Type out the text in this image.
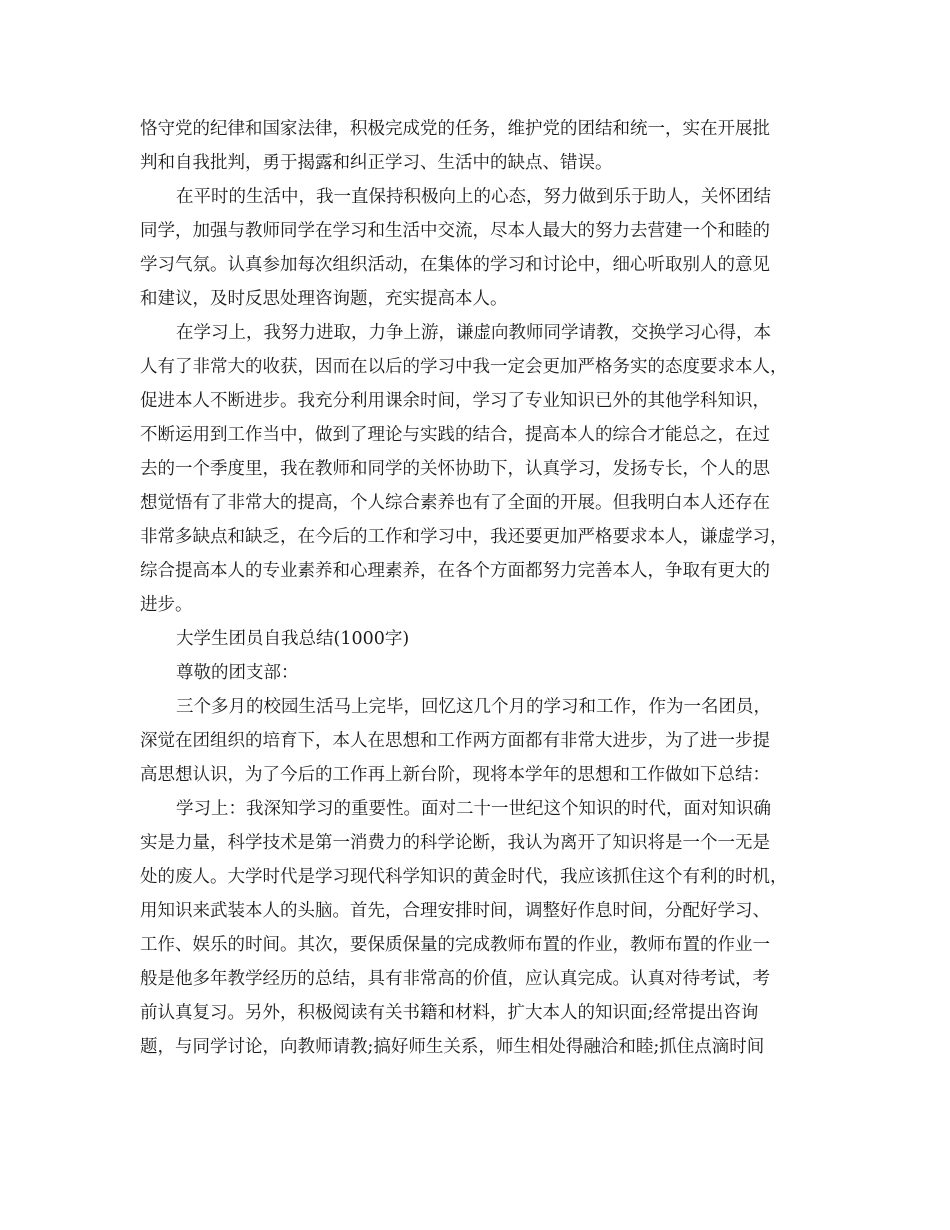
恪守党的纪律和国家法律，积极完成党的任务，维护党的团结和统一，实在开展批
判和自我批判，勇于揭露和纠正学习、生活中的缺点、错误。
在平时的生活中，我一直保持积极向上的心态，努力做到乐于助人，关怀团结
同学，加强与教师同学在学习和生活中交流，尽本人最大的努力去营建一个和睦的
学习气氛。认真参加每次组织活动，在集体的学习和讨论中，细心听取别人的意见
和建议，及时反思处理咨询题，充实提高本人。
在学习上，我努力进取，力争上游，谦虚向教师同学请教，交换学习心得，本
人有了非常大的收获，因而在以后的学习中我一定会更加严格务实的态度要求本人，
促进本人不断进步。我充分利用课余时间，学习了专业知识已外的其他学科知识，
不断运用到工作当中，做到了理论与实践的结合，提高本人的综合才能总之，在过
去的一个季度里，我在教师和同学的关怀协助下，认真学习，发扬专长，个人的思
想觉悟有了非常大的提高，个人综合素养也有了全面的开展。但我明白本人还存在
非常多缺点和缺乏，在今后的工作和学习中，我还要更加严格要求本人，谦虚学习，
综合提高本人的专业素养和心理素养，在各个方面都努力完善本人，争取有更大的
进步。
大学生团员自我总结(1000字)
尊敬的团支部：
三个多月的校园生活马上完毕，回忆这几个月的学习和工作，作为一名团员，
深觉在团组织的培育下，本人在思想和工作两方面都有非常大进步，为了进一步提
高思想认识，为了今后的工作再上新台阶，现将本学年的思想和工作做如下总结：
学习上：我深知学习的重要性。面对二十一世纪这个知识的时代，面对知识确
实是力量，科学技术是第一消费力的科学论断，我认为离开了知识将是一个一无是
处的废人。大学时代是学习现代科学知识的黄金时代，我应该抓住这个有利的时机，
用知识来武装本人的头脑。首先，合理安排时间，调整好作息时间，分配好学习、
工作、娱乐的时间。其次，要保质保量的完成教师布置的作业，教师布置的作业一
般是他多年教学经历的总结，具有非常高的价值，应认真完成。认真对待考试，考
前认真复习。另外，积极阅读有关书籍和材料，扩大本人的知识面;经常提出咨询
题，与同学讨论，向教师请教;搞好师生关系，师生相处得融洽和睦;抓住点滴时间
